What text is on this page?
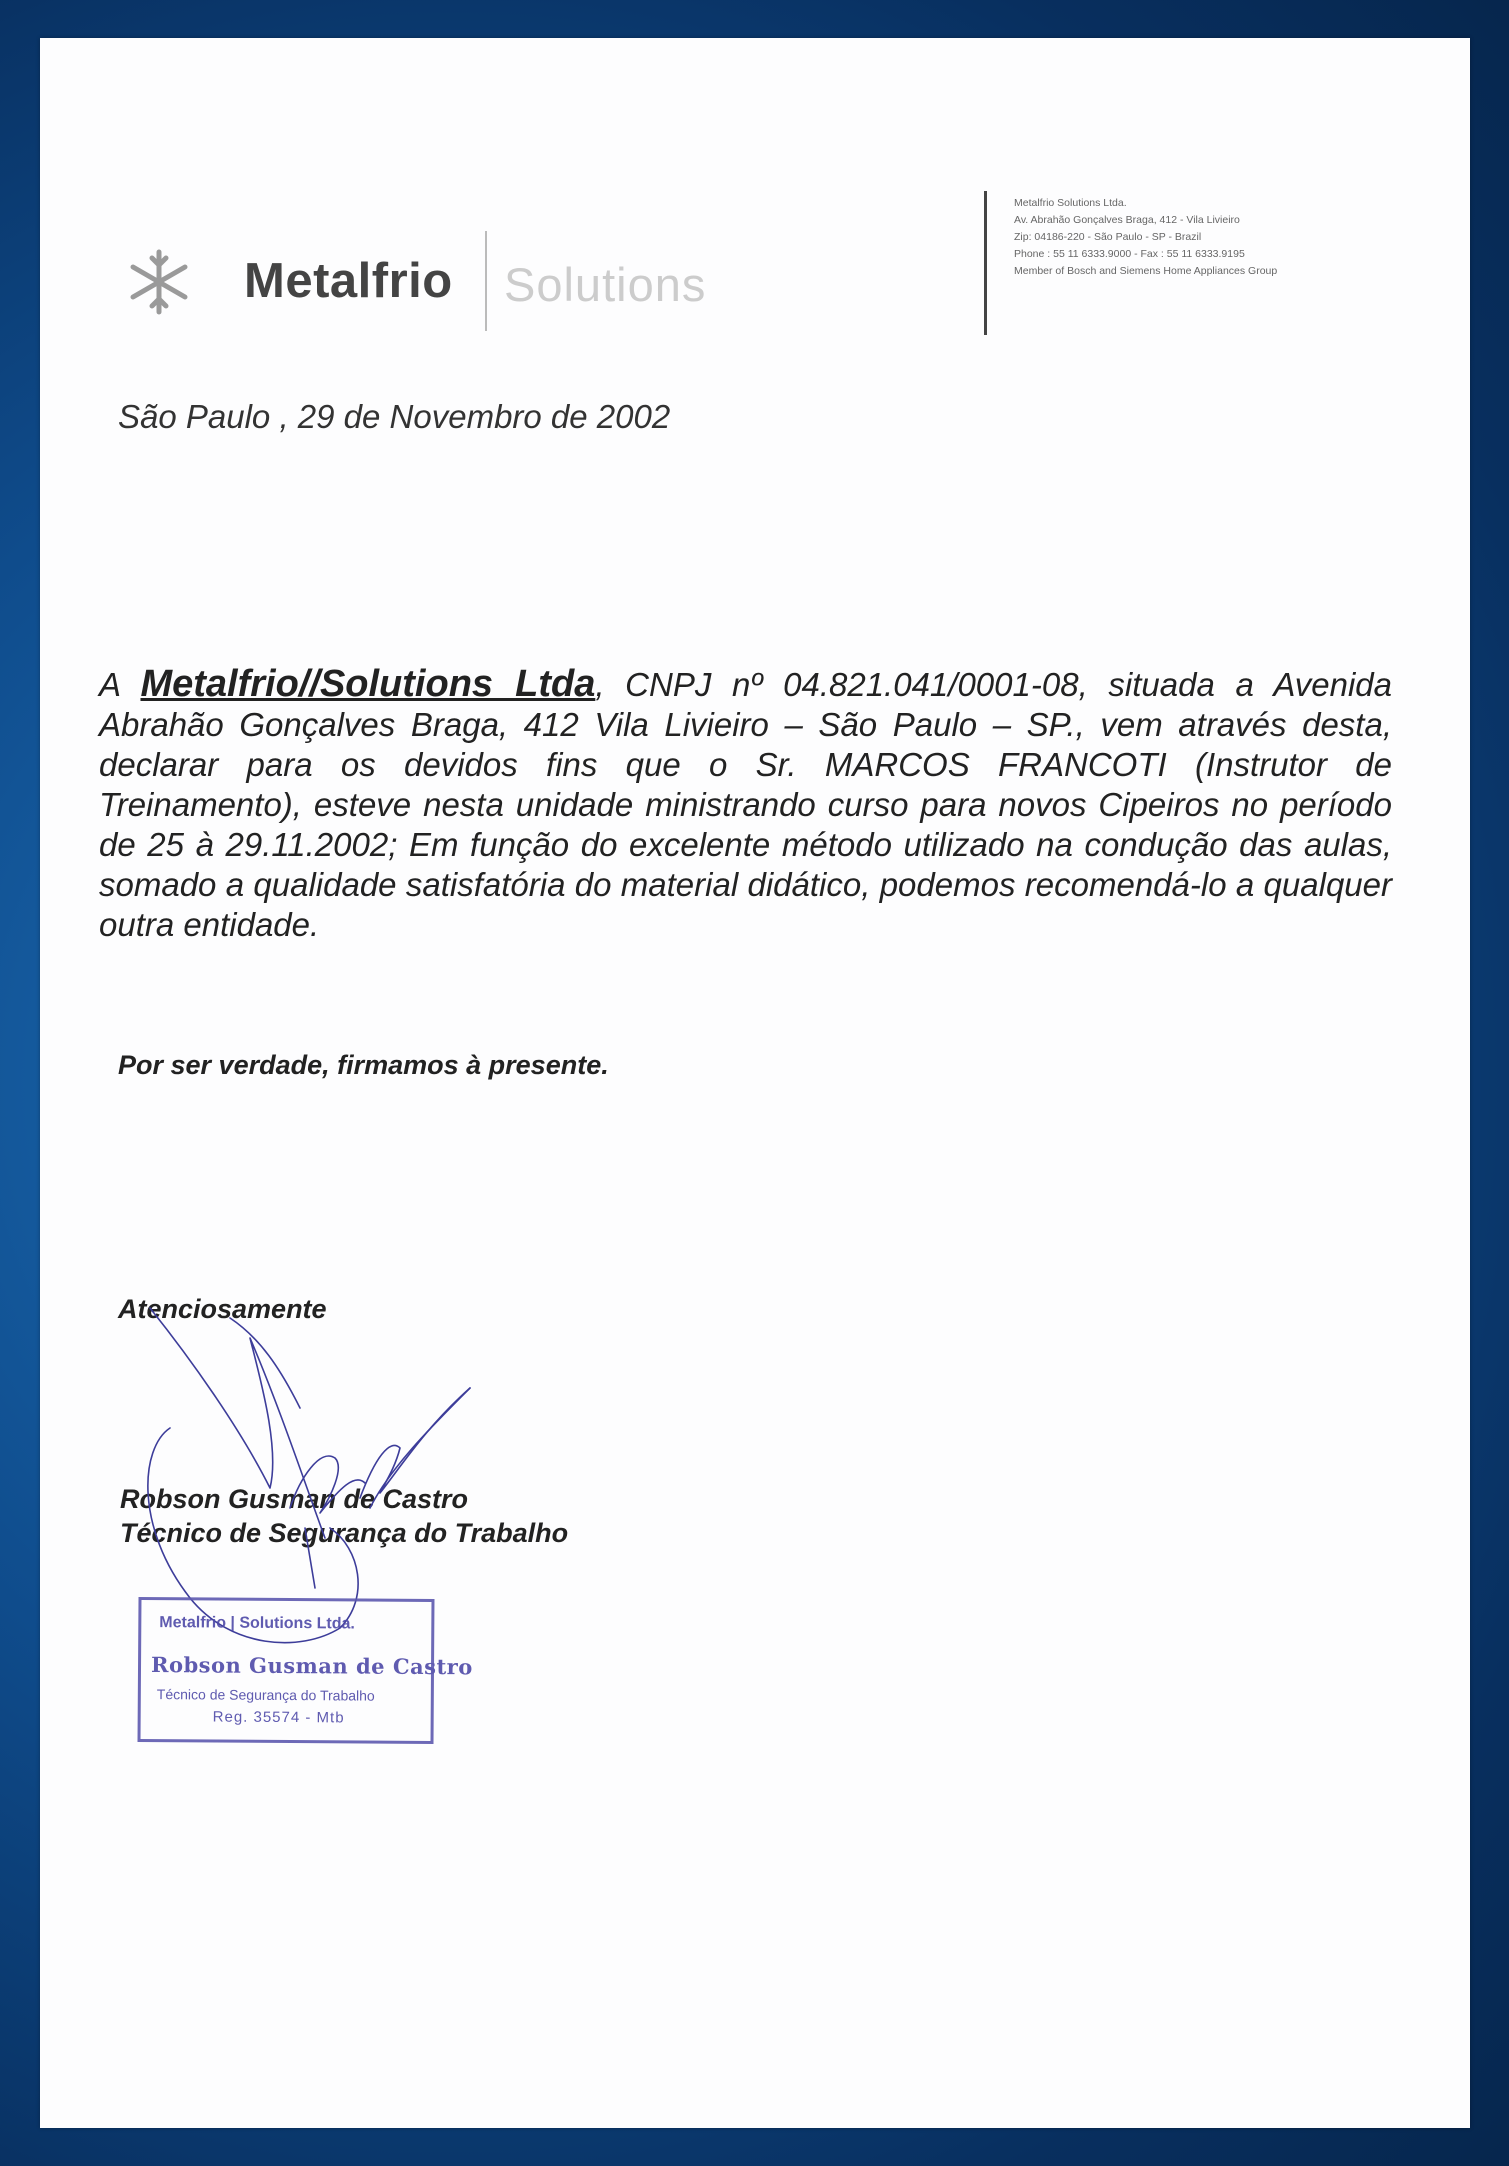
Metalfrio Solutions
Metalfrio Solutions Ltda.
Av. Abrahão Gonçalves Braga, 412 - Vila Livieiro
Zip: 04186-220 - São Paulo - SP - Brazil
Phone : 55 11 6333.9000 - Fax : 55 11 6333.9195
Member of Bosch and Siemens Home Appliances Group
São Paulo , 29 de Novembro de 2002
A Metalfrio//Solutions Ltda, CNPJ nº 04.821.041/0001-08, situada a Avenida Abrahão Gonçalves Braga, 412 Vila Livieiro – São Paulo – SP., vem através desta, declarar para os devidos fins que o Sr. MARCOS FRANCOTI (Instrutor de Treinamento), esteve nesta unidade ministrando curso para novos Cipeiros no período de 25 à 29.11.2002; Em função do excelente método utilizado na condução das aulas, somado a qualidade satisfatória do material didático, podemos recomendá-lo a qualquer outra entidade.
Por ser verdade, firmamos à presente.
Atenciosamente
Robson Gusman de Castro
Técnico de Segurança do Trabalho
Metalfrio | Solutions Ltda.
Robson Gusman de Castro
Técnico de Segurança do Trabalho
Reg. 35574 - Mtb
